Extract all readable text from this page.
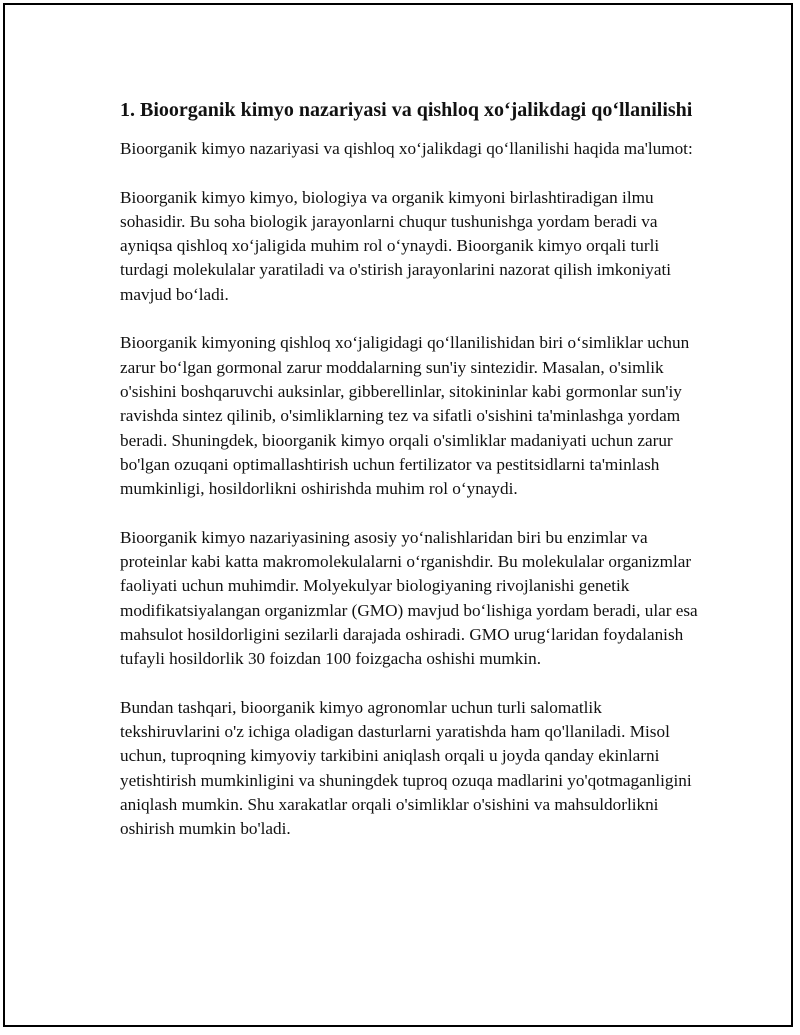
1. Bioorganik kimyo nazariyasi va qishloq xo‘jalikdagi qo‘llanilishi

Bioorganik kimyo nazariyasi va qishloq xo‘jalikdagi qo‘llanilishi haqida ma'lumot:

Bioorganik kimyo kimyo, biologiya va organik kimyoni birlashtiradigan ilmu sohasidir. Bu soha biologik jarayonlarni chuqur tushunishga yordam beradi va ayniqsa qishloq xo‘jaligida muhim rol o‘ynaydi. Bioorganik kimyo orqali turli turdagi molekulalar yaratiladi va o'stirish jarayonlarini nazorat qilish imkoniyati mavjud bo‘ladi.

Bioorganik kimyoning qishloq xo‘jaligidagi qo‘llanilishidan biri o‘simliklar uchun zarur bo‘lgan gormonal zarur moddalarning sun'iy sintezidir. Masalan, o'simlik o'sishini boshqaruvchi auksinlar, gibberellinlar, sitokininlar kabi gormonlar sun'iy ravishda sintez qilinib, o'simliklarning tez va sifatli o'sishini ta'minlashga yordam beradi. Shuningdek, bioorganik kimyo orqali o'simliklar madaniyati uchun zarur bo'lgan ozuqani optimallashtirish uchun fertilizator va pestitsidlarni ta'minlash mumkinligi, hosildorlikni oshirishda muhim rol o‘ynaydi.

Bioorganik kimyo nazariyasining asosiy yo‘nalishlaridan biri bu enzimlar va proteinlar kabi katta makromolekulalarni o‘rganishdir. Bu molekulalar organizmlar faoliyati uchun muhimdir. Molyekulyar biologiyaning rivojlanishi genetik modifikatsiyalangan organizmlar (GMO) mavjud bo‘lishiga yordam beradi, ular esa mahsulot hosildorligini sezilarli darajada oshiradi. GMO urug‘laridan foydalanish tufayli hosildorlik 30 foizdan 100 foizgacha oshishi mumkin.

Bundan tashqari, bioorganik kimyo agronomlar uchun turli salomatlik tekshiruvlarini o'z ichiga oladigan dasturlarni yaratishda ham qo'llaniladi. Misol uchun, tuproqning kimyoviy tarkibini aniqlash orqali u joyda qanday ekinlarni yetishtirish mumkinligini va shuningdek tuproq ozuqa madlarini yo'qotmaganligini aniqlash mumkin. Shu xarakatlar orqali o'simliklar o'sishini va mahsuldorlikni oshirish mumkin bo'ladi.
